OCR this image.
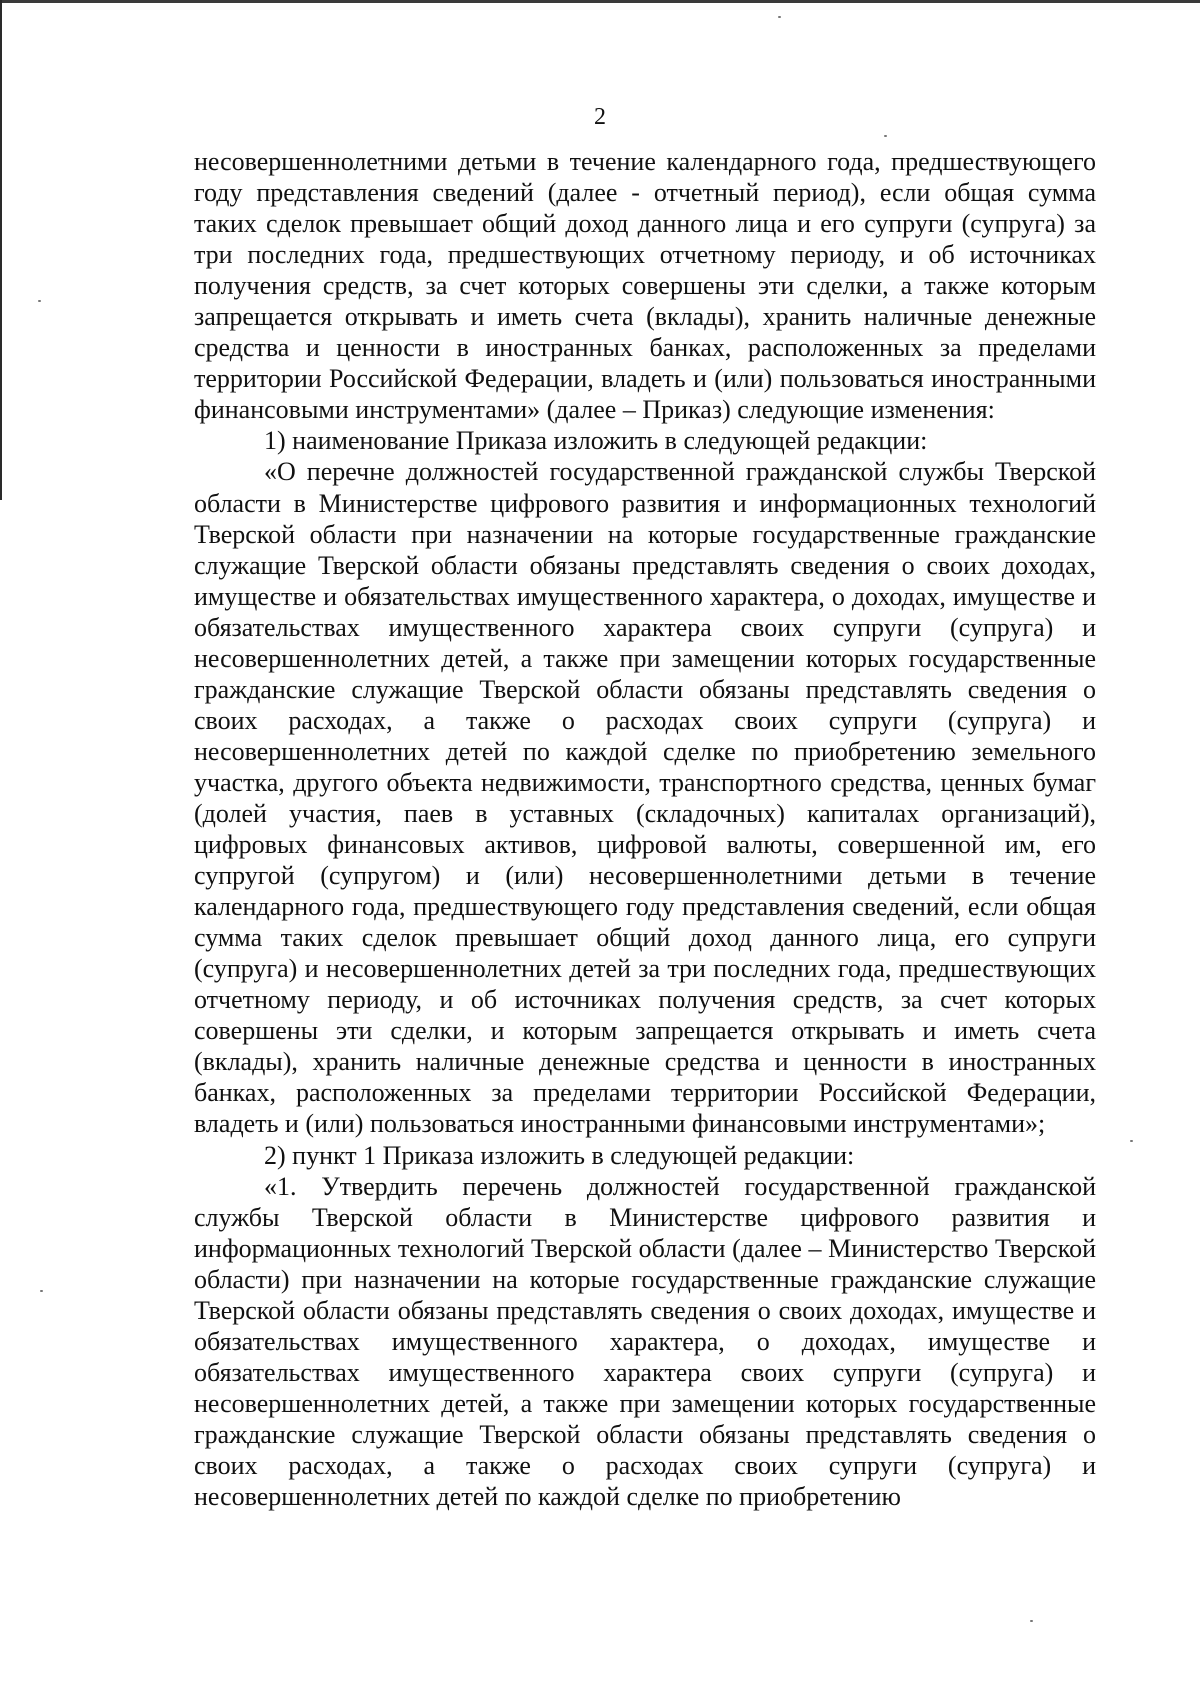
2

несовершеннолетними детьми в течение календарного года, предшествующего году представления сведений (далее - отчетный период), если общая сумма таких сделок превышает общий доход данного лица и его супруги (супруга) за три последних года, предшествующих отчетному периоду, и об источниках получения средств, за счет которых совершены эти сделки, а также которым запрещается открывать и иметь счета (вклады), хранить наличные денежные средства и ценности в иностранных банках, расположенных за пределами территории Российской Федерации, владеть и (или) пользоваться иностранными финансовыми инструментами» (далее – Приказ) следующие изменения:

1) наименование Приказа изложить в следующей редакции:

«О перечне должностей государственной гражданской службы Тверской области в Министерстве цифрового развития и информационных технологий Тверской области при назначении на которые государственные гражданские служащие Тверской области обязаны представлять сведения о своих доходах, имуществе и обязательствах имущественного характера, о доходах, имуществе и обязательствах имущественного характера своих супруги (супруга) и несовершеннолетних детей, а также при замещении которых государственные гражданские служащие Тверской области обязаны представлять сведения о своих расходах, а также о расходах своих супруги (супруга) и несовершеннолетних детей по каждой сделке по приобретению земельного участка, другого объекта недвижимости, транспортного средства, ценных бумаг (долей участия, паев в уставных (складочных) капиталах организаций), цифровых финансовых активов, цифровой валюты, совершенной им, его супругой (супругом) и (или) несовершеннолетними детьми в течение календарного года, предшествующего году представления сведений, если общая сумма таких сделок превышает общий доход данного лица, его супруги (супруга) и несовершеннолетних детей за три последних года, предшествующих отчетному периоду, и об источниках получения средств, за счет которых совершены эти сделки, и которым запрещается открывать и иметь счета (вклады), хранить наличные денежные средства и ценности в иностранных банках, расположенных за пределами территории Российской Федерации, владеть и (или) пользоваться иностранными финансовыми инструментами»;

2) пункт 1 Приказа изложить в следующей редакции:

«1. Утвердить перечень должностей государственной гражданской службы Тверской области в Министерстве цифрового развития и информационных технологий Тверской области (далее – Министерство Тверской области) при назначении на которые государственные гражданские служащие Тверской области обязаны представлять сведения о своих доходах, имуществе и обязательствах имущественного характера, о доходах, имуществе и обязательствах имущественного характера своих супруги (супруга) и несовершеннолетних детей, а также при замещении которых государственные гражданские служащие Тверской области обязаны представлять сведения о своих расходах, а также о расходах своих супруги (супруга) и несовершеннолетних детей по каждой сделке по приобретению
